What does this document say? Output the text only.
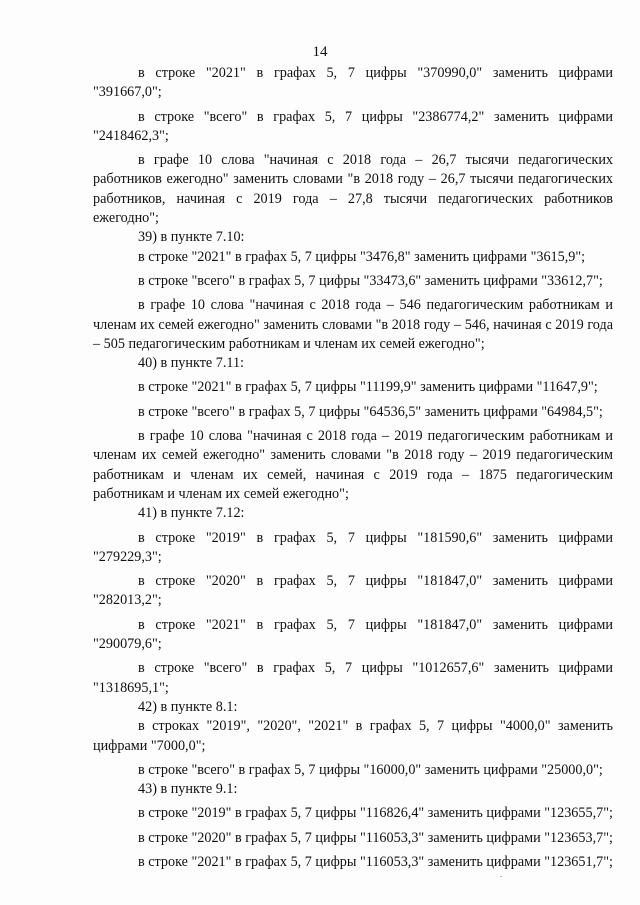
14

в строке "2021" в графах 5, 7 цифры "370990,0" заменить цифрами "391667,0";

в строке "всего" в графах 5, 7 цифры "2386774,2" заменить цифрами "2418462,3";

в графе 10 слова "начиная с 2018 года – 26,7 тысячи педагогических работников ежегодно" заменить словами "в 2018 году – 26,7 тысячи педагогических работников, начиная с 2019 года – 27,8 тысячи педагогических работников ежегодно";

39) в пункте 7.10:

в строке "2021" в графах 5, 7 цифры "3476,8" заменить цифрами "3615,9";

в строке "всего" в графах 5, 7 цифры "33473,6" заменить цифрами "33612,7";

в графе 10 слова "начиная с 2018 года – 546 педагогическим работникам и членам их семей ежегодно" заменить словами "в 2018 году – 546, начиная с 2019 года – 505 педагогическим работникам и членам их семей ежегодно";

40) в пункте 7.11:

в строке "2021" в графах 5, 7 цифры "11199,9" заменить цифрами "11647,9";

в строке "всего" в графах 5, 7 цифры "64536,5" заменить цифрами "64984,5";

в графе 10 слова "начиная с 2018 года – 2019 педагогическим работникам и членам их семей ежегодно" заменить словами "в 2018 году – 2019 педагогическим работникам и членам их семей, начиная с 2019 года – 1875 педагогическим работникам и членам их семей ежегодно";

41) в пункте 7.12:

в строке "2019" в графах 5, 7 цифры "181590,6" заменить цифрами "279229,3";

в строке "2020" в графах 5, 7 цифры "181847,0" заменить цифрами "282013,2";

в строке "2021" в графах 5, 7 цифры "181847,0" заменить цифрами "290079,6";

в строке "всего" в графах 5, 7 цифры "1012657,6" заменить цифрами "1318695,1";

42) в пункте 8.1:

в строках "2019", "2020", "2021" в графах 5, 7 цифры "4000,0" заменить цифрами "7000,0";

в строке "всего" в графах 5, 7 цифры "16000,0" заменить цифрами "25000,0";

43) в пункте 9.1:

в строке "2019" в графах 5, 7 цифры "116826,4" заменить цифрами "123655,7";

в строке "2020" в графах 5, 7 цифры "116053,3" заменить цифрами "123653,7";

в строке "2021" в графах 5, 7 цифры "116053,3" заменить цифрами "123651,7";
